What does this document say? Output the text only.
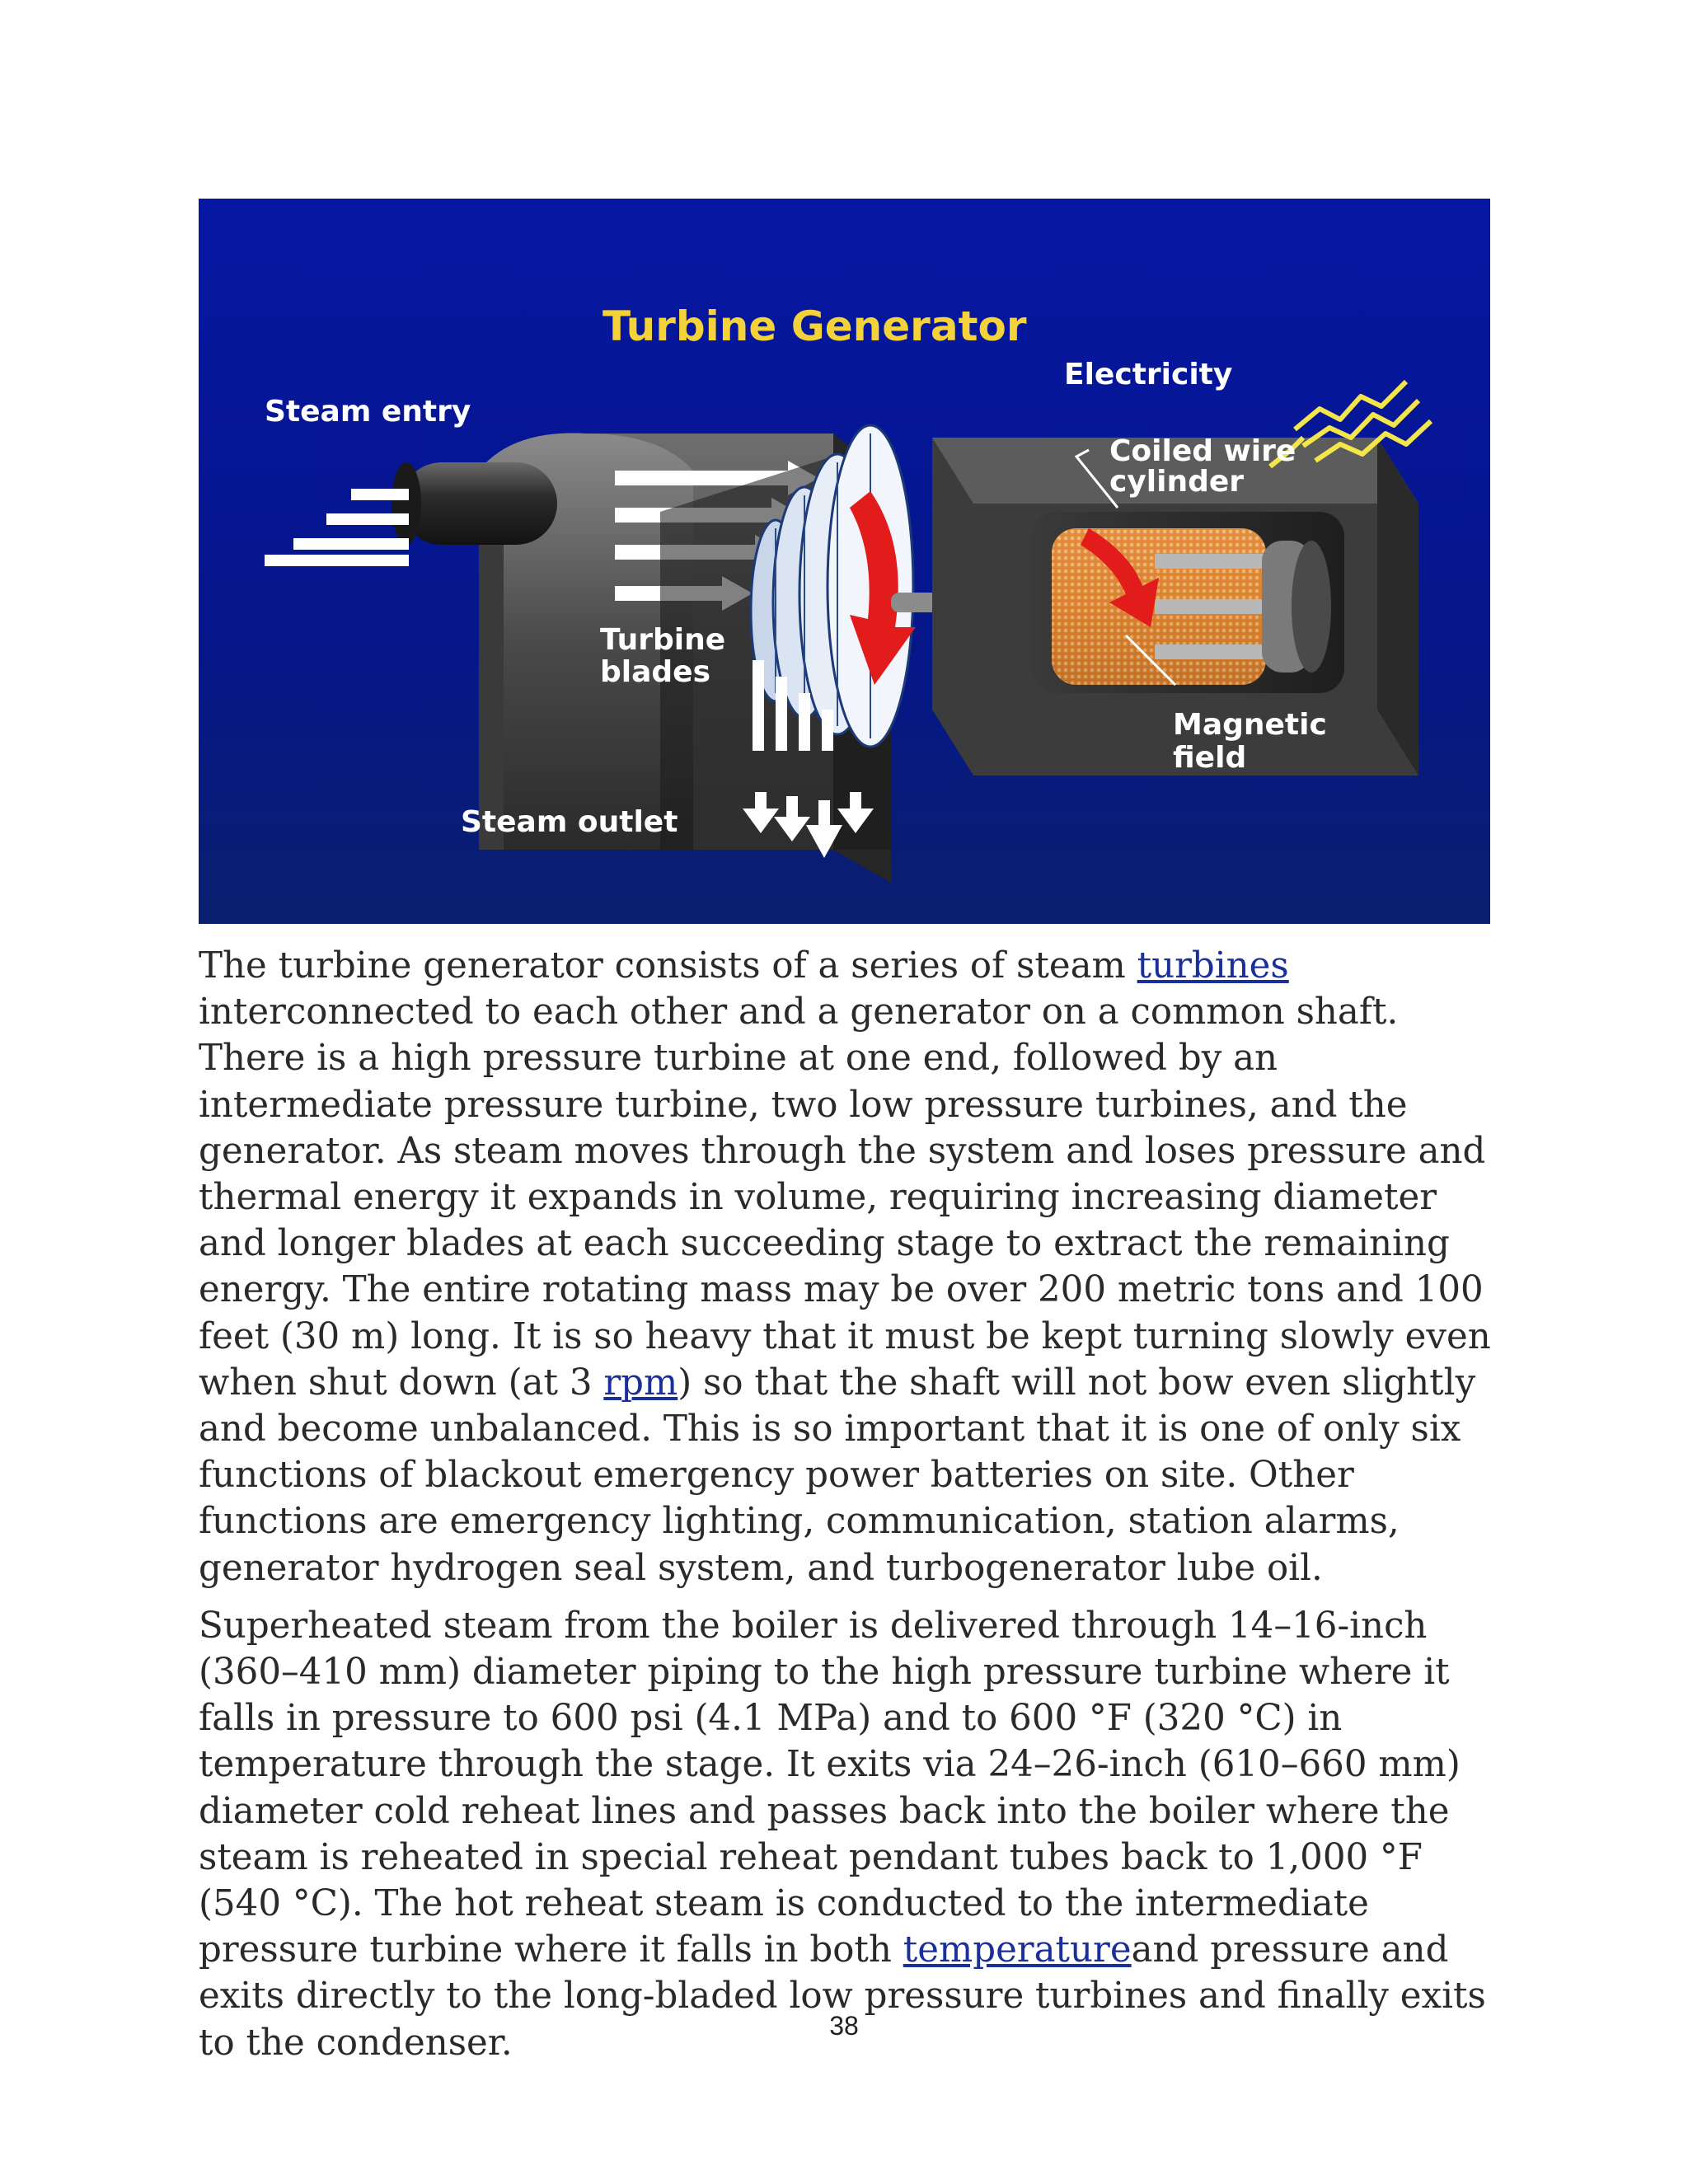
Turbine Generator
Electricity
Steam entry
Coiled wire
cylinder
Turbine
blades
Magnetic
field
Steam outlet

The turbine generator consists of a series of steam turbines interconnected to each other and a generator on a common shaft. There is a high pressure turbine at one end, followed by an intermediate pressure turbine, two low pressure turbines, and the generator. As steam moves through the system and loses pressure and thermal energy it expands in volume, requiring increasing diameter and longer blades at each succeeding stage to extract the remaining energy. The entire rotating mass may be over 200 metric tons and 100 feet (30 m) long. It is so heavy that it must be kept turning slowly even when shut down (at 3 rpm) so that the shaft will not bow even slightly and become unbalanced. This is so important that it is one of only six functions of blackout emergency power batteries on site. Other functions are emergency lighting, communication, station alarms, generator hydrogen seal system, and turbogenerator lube oil.

Superheated steam from the boiler is delivered through 14–16-inch (360–410 mm) diameter piping to the high pressure turbine where it falls in pressure to 600 psi (4.1 MPa) and to 600 °F (320 °C) in temperature through the stage. It exits via 24–26-inch (610–660 mm) diameter cold reheat lines and passes back into the boiler where the steam is reheated in special reheat pendant tubes back to 1,000 °F (540 °C). The hot reheat steam is conducted to the intermediate pressure turbine where it falls in both temperatureand pressure and exits directly to the long-bladed low pressure turbines and finally exits to the condenser.	38
